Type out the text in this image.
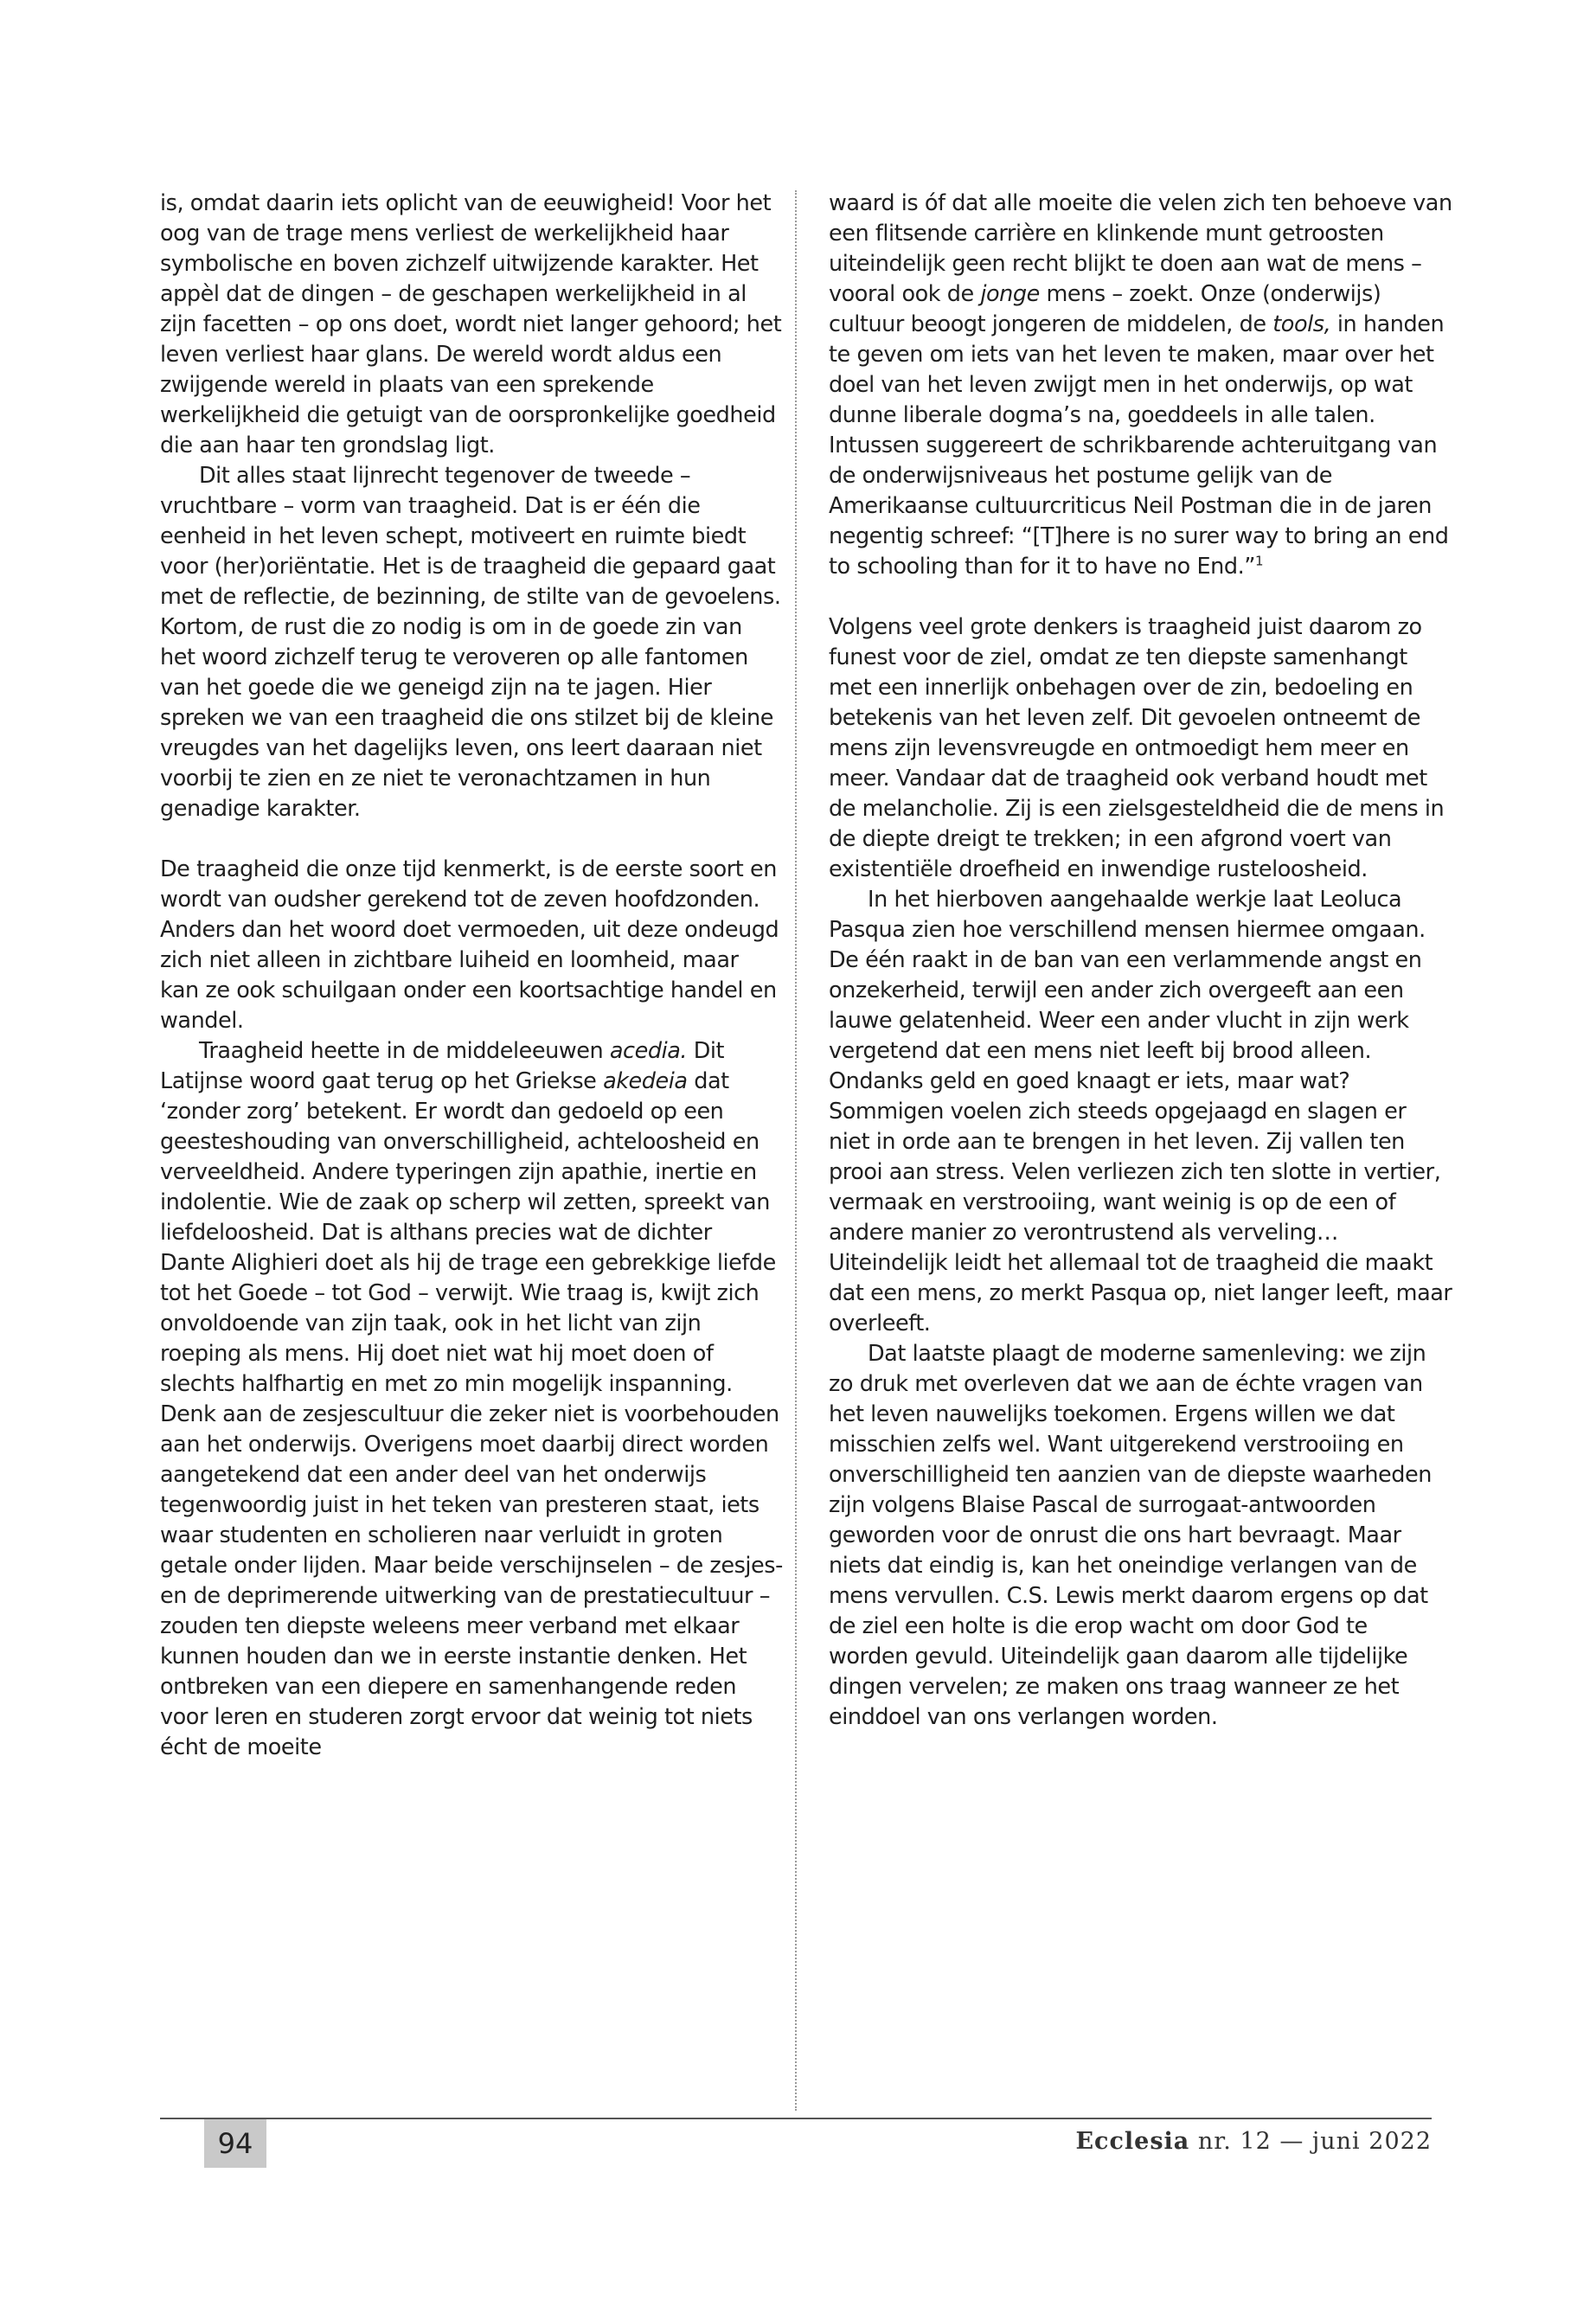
is, omdat daarin iets oplicht van de eeuwigheid! Voor het oog van de trage mens verliest de werkelijkheid haar symbolische en boven zichzelf uitwijzende karakter. Het appèl dat de dingen – de geschapen werkelijkheid in al zijn facetten – op ons doet, wordt niet langer gehoord; het leven verliest haar glans. De wereld wordt aldus een zwijgende wereld in plaats van een sprekende werkelijkheid die getuigt van de oorspronkelijke goedheid die aan haar ten grondslag ligt.

Dit alles staat lijnrecht tegenover de tweede – vruchtbare – vorm van traagheid. Dat is er één die eenheid in het leven schept, motiveert en ruimte biedt voor (her)oriëntatie. Het is de traagheid die gepaard gaat met de reflectie, de bezinning, de stilte van de gevoelens. Kortom, de rust die zo nodig is om in de goede zin van het woord zichzelf terug te veroveren op alle fantomen van het goede die we geneigd zijn na te jagen. Hier spreken we van een traagheid die ons stilzet bij de kleine vreugdes van het dagelijks leven, ons leert daaraan niet voorbij te zien en ze niet te veronachtzamen in hun genadige karakter.

De traagheid die onze tijd kenmerkt, is de eerste soort en wordt van oudsher gerekend tot de zeven hoofdzonden. Anders dan het woord doet vermoeden, uit deze ondeugd zich niet alleen in zichtbare luiheid en loomheid, maar kan ze ook schuilgaan onder een koortsachtige handel en wandel.

Traagheid heette in de middeleeuwen acedia. Dit Latijnse woord gaat terug op het Griekse akedeia dat ‘zonder zorg’ betekent. Er wordt dan gedoeld op een geesteshouding van onverschilligheid, achteloosheid en verveeldheid. Andere typeringen zijn apathie, inertie en indolentie. Wie de zaak op scherp wil zetten, spreekt van liefdeloosheid. Dat is althans precies wat de dichter Dante Alighieri doet als hij de trage een gebrekkige liefde tot het Goede – tot God – verwijt. Wie traag is, kwijt zich onvoldoende van zijn taak, ook in het licht van zijn roeping als mens. Hij doet niet wat hij moet doen of slechts halfhartig en met zo min mogelijk inspanning. Denk aan de zesjescultuur die zeker niet is voorbehouden aan het onderwijs. Overigens moet daarbij direct worden aangetekend dat een ander deel van het onderwijs tegenwoordig juist in het teken van presteren staat, iets waar studenten en scholieren naar verluidt in groten getale onder lijden. Maar beide verschijnselen – de zesjes- en de deprimerende uitwerking van de prestatiecultuur – zouden ten diepste weleens meer verband met elkaar kunnen houden dan we in eerste instantie denken. Het ontbreken van een diepere en samenhangende reden voor leren en studeren zorgt ervoor dat weinig tot niets écht de moeite

waard is óf dat alle moeite die velen zich ten behoeve van een flitsende carrière en klinkende munt getroosten uiteindelijk geen recht blijkt te doen aan wat de mens – vooral ook de jonge mens – zoekt. Onze (onderwijs) cultuur beoogt jongeren de middelen, de tools, in handen te geven om iets van het leven te maken, maar over het doel van het leven zwijgt men in het onderwijs, op wat dunne liberale dogma’s na, goeddeels in alle talen. Intussen suggereert de schrikbarende achteruitgang van de onderwijsniveaus het postume gelijk van de Amerikaanse cultuurcriticus Neil Postman die in de jaren negentig schreef: “[T]here is no surer way to bring an end to schooling than for it to have no End.”$^1$

Volgens veel grote denkers is traagheid juist daarom zo funest voor de ziel, omdat ze ten diepste samenhangt met een innerlijk onbehagen over de zin, bedoeling en betekenis van het leven zelf. Dit gevoelen ontneemt de mens zijn levensvreugde en ontmoedigt hem meer en meer. Vandaar dat de traagheid ook verband houdt met de melancholie. Zij is een zielsgesteldheid die de mens in de diepte dreigt te trekken; in een afgrond voert van existentiële droefheid en inwendige rusteloosheid.

In het hierboven aangehaalde werkje laat Leoluca Pasqua zien hoe verschillend mensen hiermee omgaan. De één raakt in de ban van een verlammende angst en onzekerheid, terwijl een ander zich overgeeft aan een lauwe gelatenheid. Weer een ander vlucht in zijn werk vergetend dat een mens niet leeft bij brood alleen. Ondanks geld en goed knaagt er iets, maar wat? Sommigen voelen zich steeds opgejaagd en slagen er niet in orde aan te brengen in het leven. Zij vallen ten prooi aan stress. Velen verliezen zich ten slotte in vertier, vermaak en verstrooiing, want weinig is op de een of andere manier zo verontrustend als verveling… Uiteindelijk leidt het allemaal tot de traagheid die maakt dat een mens, zo merkt Pasqua op, niet langer leeft, maar overleeft.

Dat laatste plaagt de moderne samenleving: we zijn zo druk met overleven dat we aan de échte vragen van het leven nauwelijks toekomen. Ergens willen we dat misschien zelfs wel. Want uitgerekend verstrooiing en onverschilligheid ten aanzien van de diepste waarheden zijn volgens Blaise Pascal de surrogaat-antwoorden geworden voor de onrust die ons hart bevraagt. Maar niets dat eindig is, kan het oneindige verlangen van de mens vervullen. C.S. Lewis merkt daarom ergens op dat de ziel een holte is die erop wacht om door God te worden gevuld. Uiteindelijk gaan daarom alle tijdelijke dingen vervelen; ze maken ons traag wanneer ze het einddoel van ons verlangen worden.

94	Ecclesia nr. 12 — juni 2022
